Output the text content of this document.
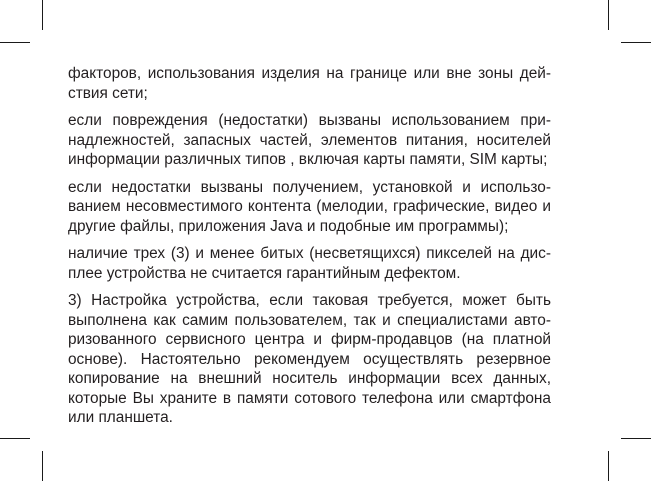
факторов, использования изделия на границе или вне зоны действия сети;

если повреждения (недостатки) вызваны использованием принадлежностей, запасных частей, элементов питания, носителей информации различных типов , включая карты памяти, SIM карты;

если недостатки вызваны получением, установкой и использованием несовместимого контента (мелодии, графические, видео и другие файлы, приложения Java и подобные им программы);

наличие трех (3) и менее битых (несветящихся) пикселей на дисплее устройства не считается гарантийным дефектом.

3) Настройка устройства, если таковая требуется, может быть выполнена как самим пользователем, так и специалистами авторизованного сервисного центра и фирм-продавцов (на платной основе). Настоятельно рекомендуем осуществлять резервное копирование на внешний носитель информации всех данных, которые Вы храните в памяти сотового телефона или смартфона или планшета.
